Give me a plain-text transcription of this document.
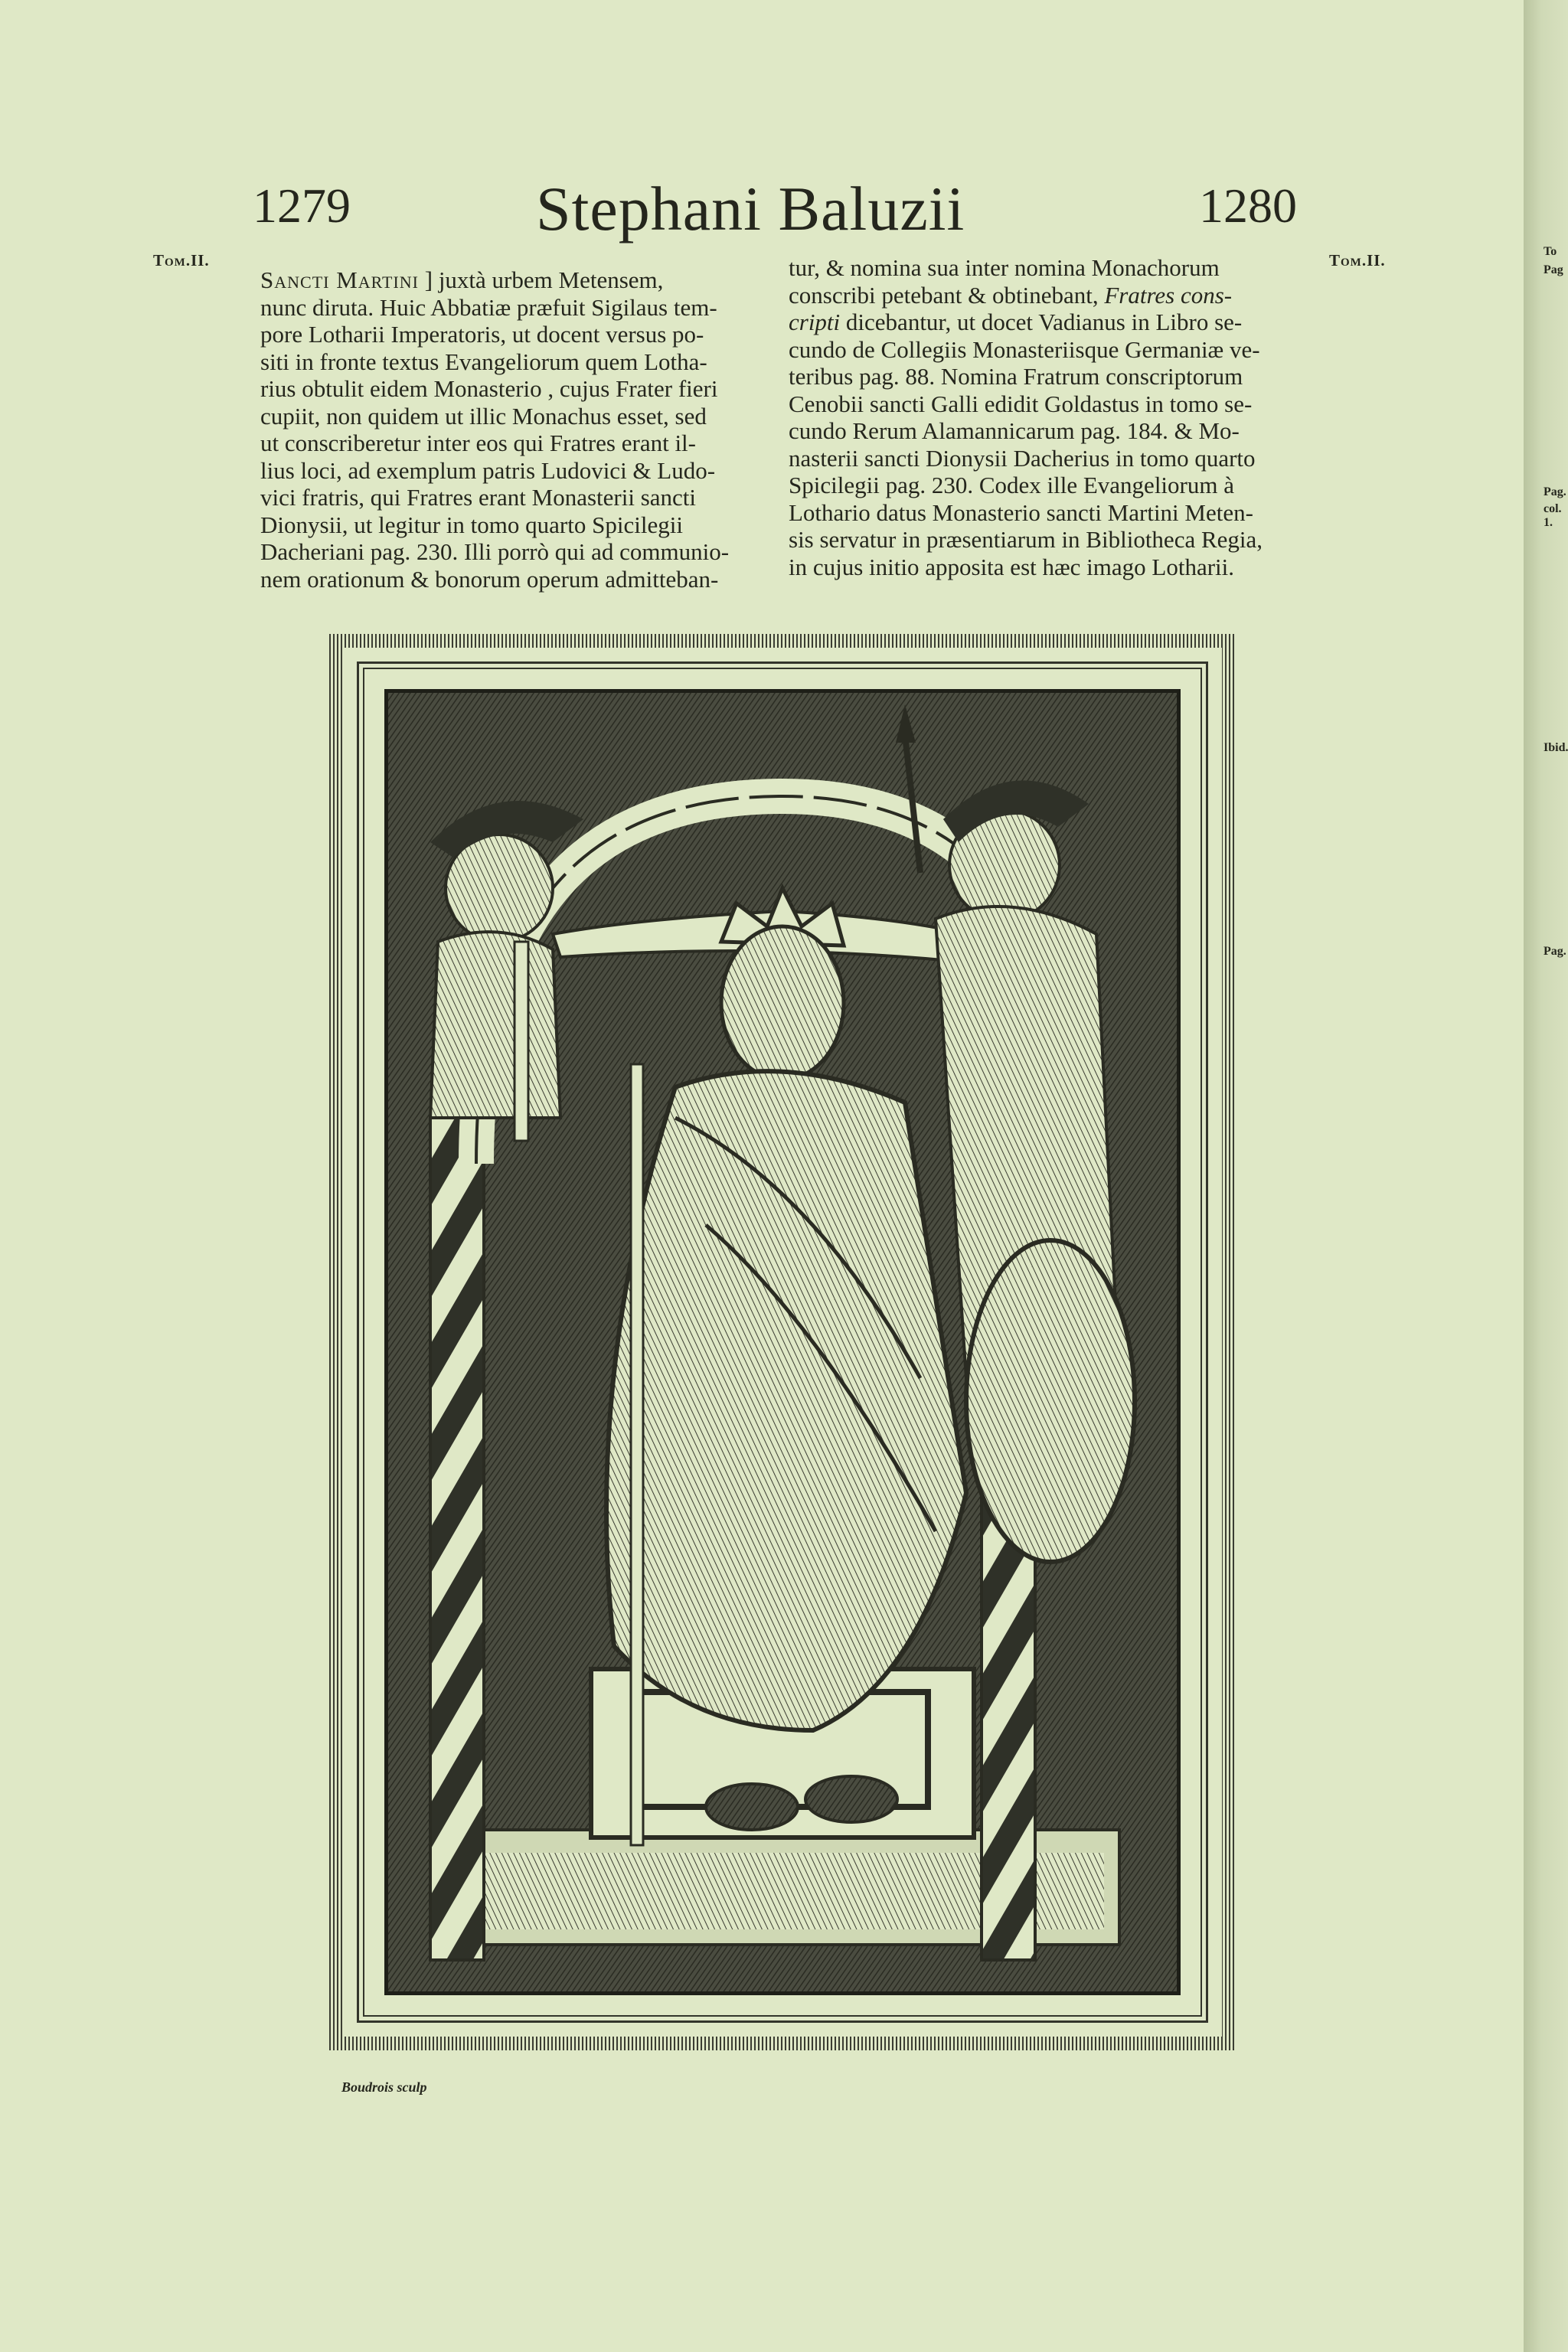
Tom.II.
1279	Stephani Baluzii	1280
Tom.II.
Sancti Martini ] juxtà urbem Metensem,
nunc diruta. Huic Abbatiæ præfuit Sigilaus tem-
pore Lotharii Imperatoris, ut docent versus po-
siti in fronte textus Evangeliorum quem Lotha-
rius obtulit eidem Monasterio , cujus Frater fieri
cupiit, non quidem ut illic Monachus esset, sed
ut conscriberetur inter eos qui Fratres erant il-
lius loci, ad exemplum patris Ludovici & Ludo-
vici fratris, qui Fratres erant Monasterii sancti
Dionysii, ut legitur in tomo quarto Spicilegii
Dacheriani pag. 230. Illi porrò qui ad communio-
nem orationum & bonorum operum admitteban-
tur, & nomina sua inter nomina Monachorum
conscribi petebant & obtinebant, Fratres cons-
cripti dicebantur, ut docet Vadianus in Libro se-
cundo de Collegiis Monasteriisque Germaniæ ve-
teribus pag. 88. Nomina Fratrum conscriptorum
Cenobii sancti Galli edidit Goldastus in tomo se-
cundo Rerum Alamannicarum pag. 184. & Mo-
nasterii sancti Dionysii Dacherius in tomo quarto
Spicilegii pag. 230. Codex ille Evangeliorum à
Lothario datus Monasterio sancti Martini Meten-
sis servatur in præsentiarum in Bibliotheca Regia,
in cujus initio apposita est hæc imago Lotharii.
To
Pag
Pag.
col. 1.
Ibid.
Pag.
Boudrois sculp
